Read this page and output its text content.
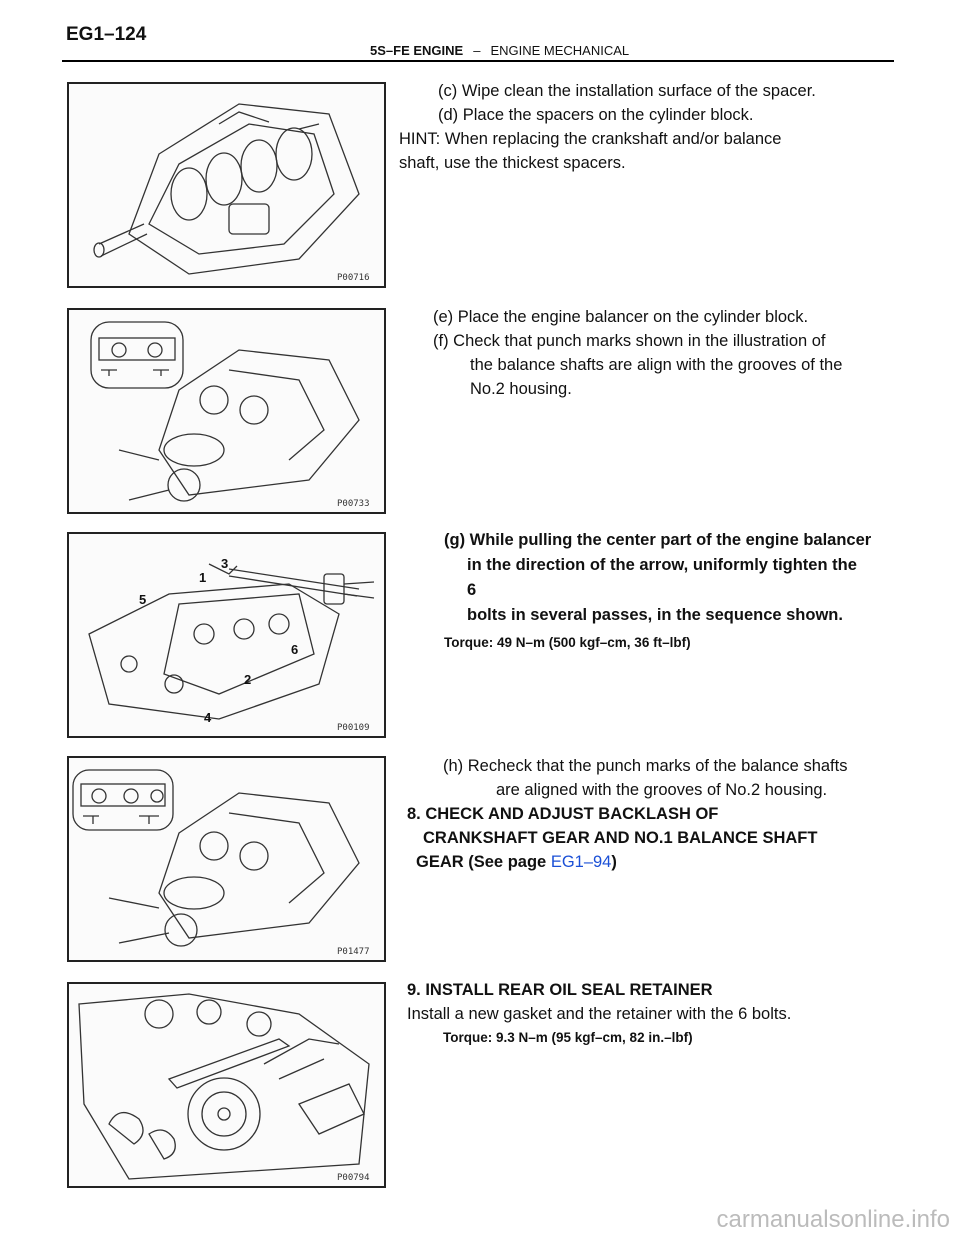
EG1–124
5S–FE ENGINE – ENGINE MECHANICAL
P00716
P00733
1
2
3
4
5
6
P00109
P01477
P00794
(c) Wipe clean the installation surface of the spacer.
(d) Place the spacers on the cylinder block.
HINT: When replacing the crankshaft and/or balance
shaft, use the thickest spacers.
(e) Place the engine balancer on the cylinder block.
(f) Check that punch marks shown in the illustration of
the balance shafts are align with the grooves of the
No.2 housing.
(g) While pulling the center part of the engine balancer
in the direction of the arrow, uniformly tighten the
6
bolts in several passes, in the sequence shown.
Torque: 49 N–m (500 kgf–cm, 36 ft–lbf)
(h) Recheck that the punch marks of the balance shafts
are aligned with the grooves of No.2 housing.
8. CHECK AND ADJUST BACKLASH OF
CRANKSHAFT GEAR AND NO.1 BALANCE SHAFT
GEAR (See page EG1–94)
9. INSTALL REAR OIL SEAL RETAINER
Install a new gasket and the retainer with the 6 bolts.
Torque: 9.3 N–m (95 kgf–cm, 82 in.–lbf)
carmanualsonline.info
